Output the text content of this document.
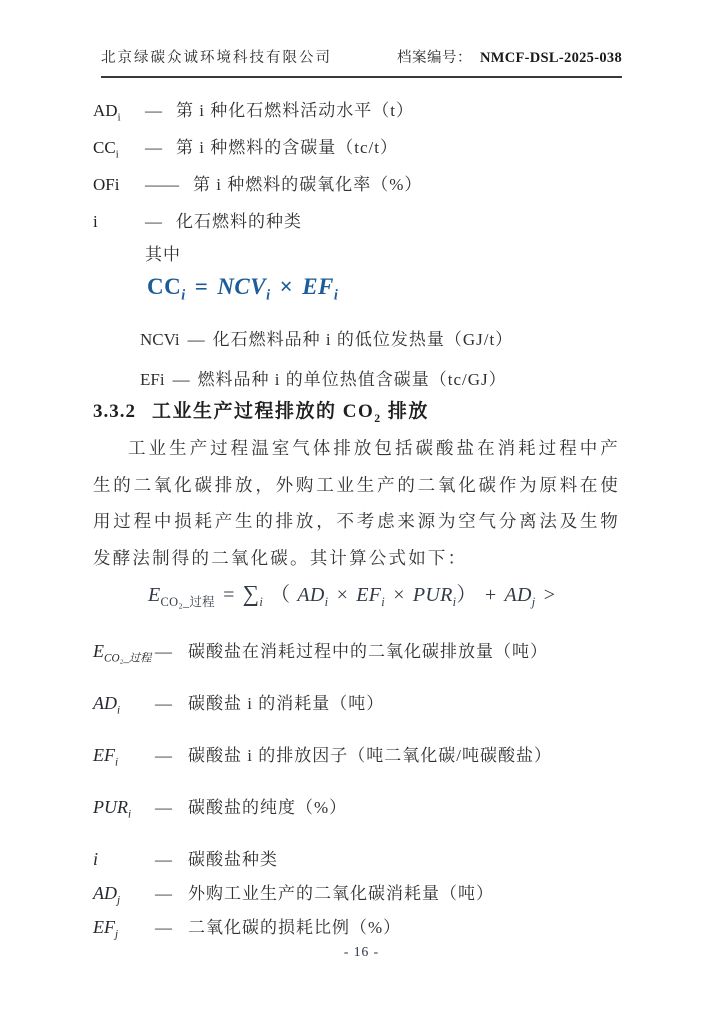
北京绿碳众诚环境科技有限公司	档案编号： NMCF-DSL-2025-038
$AD_i$	— 第 i 种化石燃料活动水平（t）
$CC_i$	— 第 i 种燃料的含碳量（tc/t）
OFi	—— 第 i 种燃料的碳氧化率（%）
i	— 化石燃料的种类
其中
$CC_i = NCV_i \times EF_i$
NCVi — 化石燃料品种 i 的低位发热量（GJ/t）
EFi — 燃料品种 i 的单位热值含碳量（tc/GJ）
3.3.2 工业生产过程排放的 $CO_2$ 排放
工业生产过程温室气体排放包括碳酸盐在消耗过程中产生的二氧化碳排放，外购工业生产的二氧化碳作为原料在使用过程中损耗产生的排放，不考虑来源为空气分离法及生物发酵法制得的二氧化碳。其计算公式如下：
$E_{CO_2\_过程} = \sum_i$ （ $AD_i \times EF_i \times PUR_i) + AD_j$ >
$E_{CO_2\_过程}$ — 碳酸盐在消耗过程中的二氧化碳排放量（吨）
$AD_i$	— 碳酸盐 i 的消耗量（吨）
$EF_i$	— 碳酸盐 i 的排放因子（吨二氧化碳/吨碳酸盐）
$PUR_i$	— 碳酸盐的纯度（%）
i	— 碳酸盐种类
$AD_j$	— 外购工业生产的二氧化碳消耗量（吨）
$EF_j$	— 二氧化碳的损耗比例（%）
- 16 -
